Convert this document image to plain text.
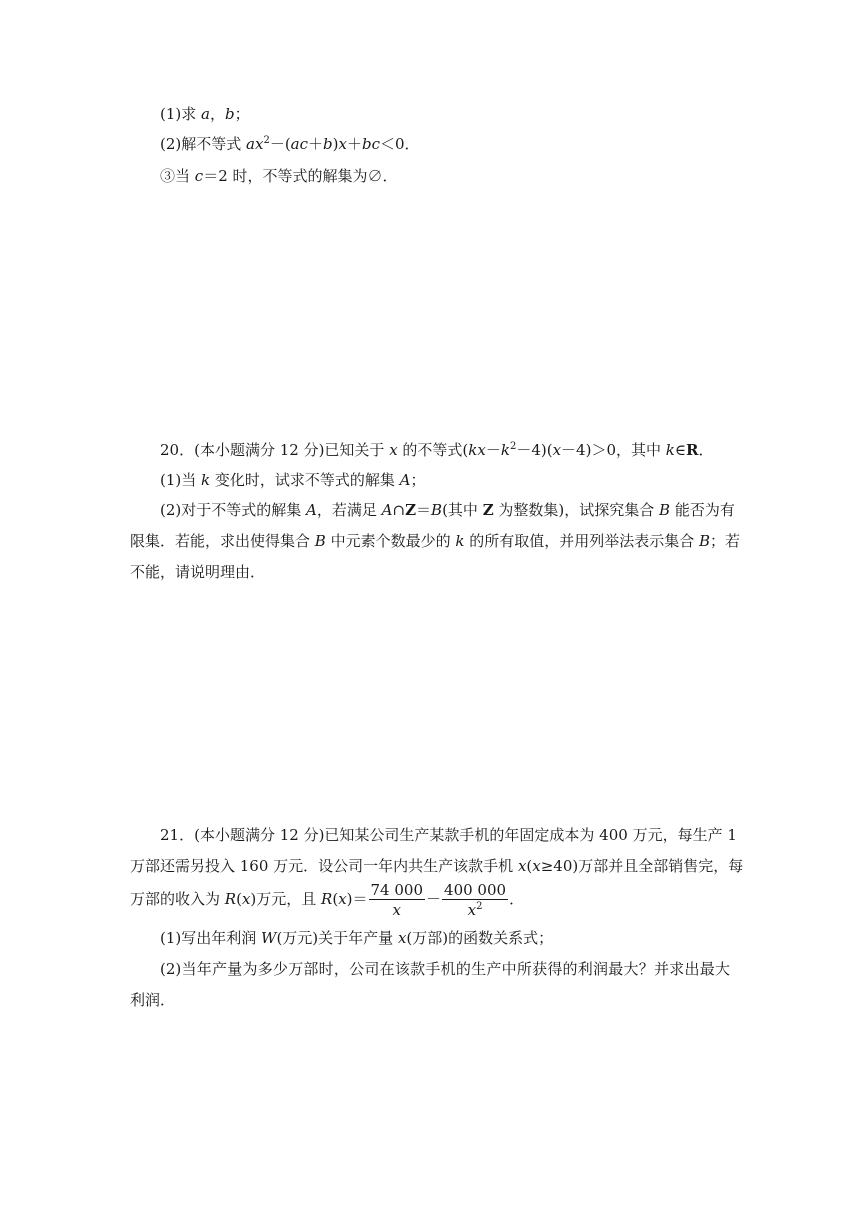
(1)求 a，b；
(2)解不等式 $ax^2-(ac+b)x+bc<0$．
③当 c＝2 时，不等式的解集为∅．
20．(本小题满分 12 分)已知关于 x 的不等式$(kx-k^2-4)(x-4)>0$，其中 k∈R．
(1)当 k 变化时，试求不等式的解集 A；
(2)对于不等式的解集 A，若满足 A∩Z＝B(其中 Z 为整数集)，试探究集合 B 能否为有
限集．若能，求出使得集合 B 中元素个数最少的 k 的所有取值，并用列举法表示集合 B；若
不能，请说明理由．
21．(本小题满分 12 分)已知某公司生产某款手机的年固定成本为 400 万元，每生产 1
万部还需另投入 160 万元．设公司一年内共生产该款手机 x(x≥40)万部并且全部销售完，每
万部的收入为 R(x)万元，且 $R(x)= \frac{74 000}{x} - \frac{400 000}{x^2}$ ．
(1)写出年利润 W(万元)关于年产量 x(万部)的函数关系式；
(2)当年产量为多少万部时，公司在该款手机的生产中所获得的利润最大？并求出最大
利润．
